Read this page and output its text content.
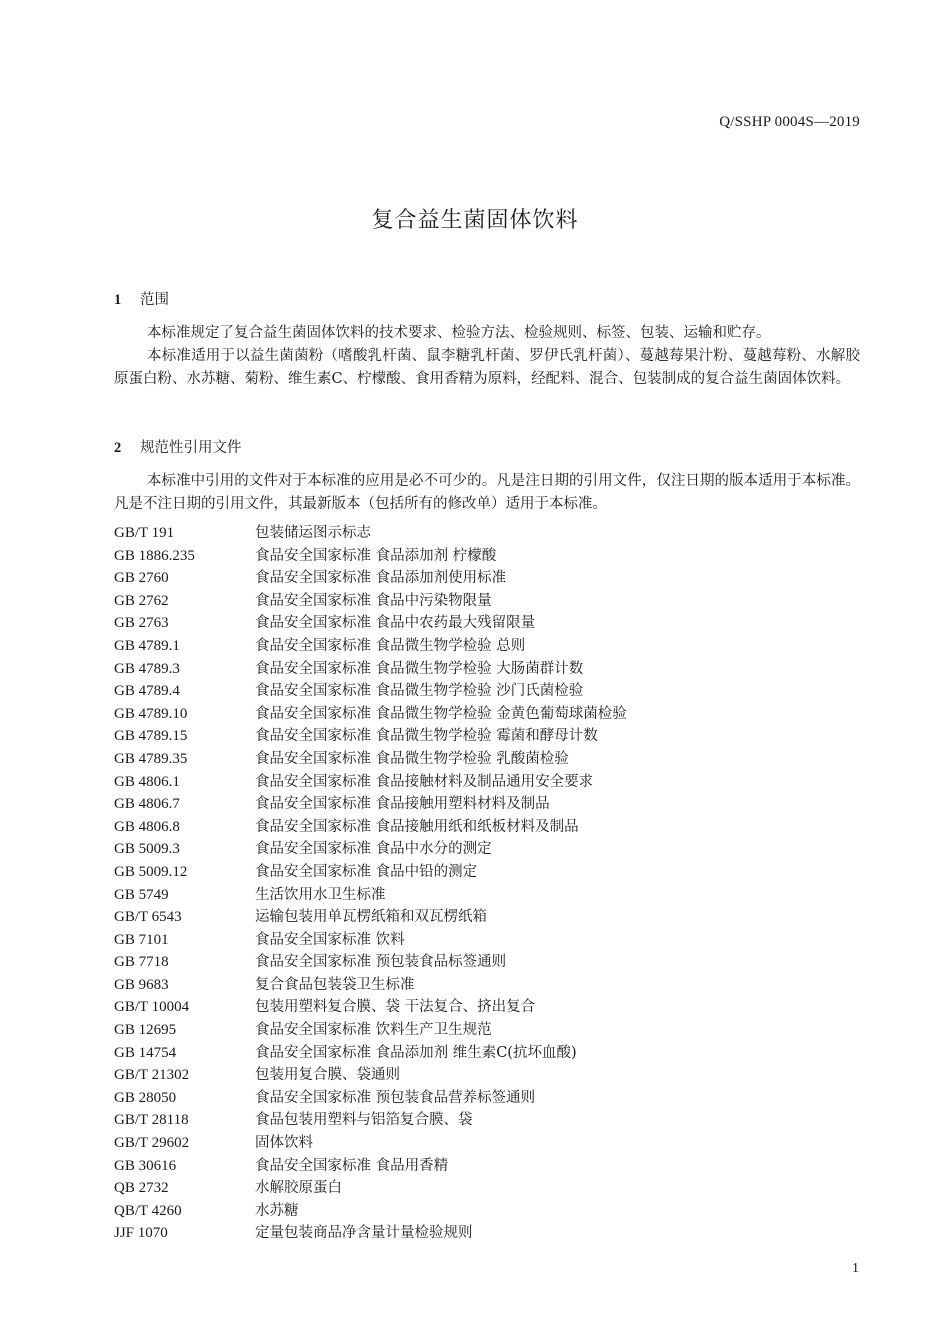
Q/SSHP 0004S—2019
复合益生菌固体饮料
1 范围

本标准规定了复合益生菌固体饮料的技术要求、检验方法、检验规则、标签、包装、运输和贮存。

本标准适用于以益生菌菌粉（嗜酸乳杆菌、鼠李糖乳杆菌、罗伊氏乳杆菌）、蔓越莓果汁粉、蔓越莓粉、水解胶原蛋白粉、水苏糖、菊粉、维生素C、柠檬酸、食用香精为原料，经配料、混合、包装制成的复合益生菌固体饮料。

2 规范性引用文件

本标准中引用的文件对于本标准的应用是必不可少的。凡是注日期的引用文件，仅注日期的版本适用于本标准。凡是不注日期的引用文件，其最新版本（包括所有的修改单）适用于本标准。

GB/T 191	包装储运图示标志
GB 1886.235	食品安全国家标准 食品添加剂 柠檬酸
GB 2760	食品安全国家标准 食品添加剂使用标准
GB 2762	食品安全国家标准 食品中污染物限量
GB 2763	食品安全国家标准 食品中农药最大残留限量
GB 4789.1	食品安全国家标准 食品微生物学检验 总则
GB 4789.3	食品安全国家标准 食品微生物学检验 大肠菌群计数
GB 4789.4	食品安全国家标准 食品微生物学检验 沙门氏菌检验
GB 4789.10	食品安全国家标准 食品微生物学检验 金黄色葡萄球菌检验
GB 4789.15	食品安全国家标准 食品微生物学检验 霉菌和酵母计数
GB 4789.35	食品安全国家标准 食品微生物学检验 乳酸菌检验
GB 4806.1	食品安全国家标准 食品接触材料及制品通用安全要求
GB 4806.7	食品安全国家标准 食品接触用塑料材料及制品
GB 4806.8	食品安全国家标准 食品接触用纸和纸板材料及制品
GB 5009.3	食品安全国家标准 食品中水分的测定
GB 5009.12	食品安全国家标准 食品中铅的测定
GB 5749	生活饮用水卫生标准
GB/T 6543	运输包装用单瓦楞纸箱和双瓦楞纸箱
GB 7101	食品安全国家标准 饮料
GB 7718	食品安全国家标准 预包装食品标签通则
GB 9683	复合食品包装袋卫生标准
GB/T 10004	包装用塑料复合膜、袋 干法复合、挤出复合
GB 12695	食品安全国家标准 饮料生产卫生规范
GB 14754	食品安全国家标准 食品添加剂 维生素C(抗坏血酸)
GB/T 21302	包装用复合膜、袋通则
GB 28050	食品安全国家标准 预包装食品营养标签通则
GB/T 28118	食品包装用塑料与铝箔复合膜、袋
GB/T 29602	固体饮料
GB 30616	食品安全国家标准 食品用香精
QB 2732	水解胶原蛋白
QB/T 4260	水苏糖
JJF 1070	定量包装商品净含量计量检验规则
1
